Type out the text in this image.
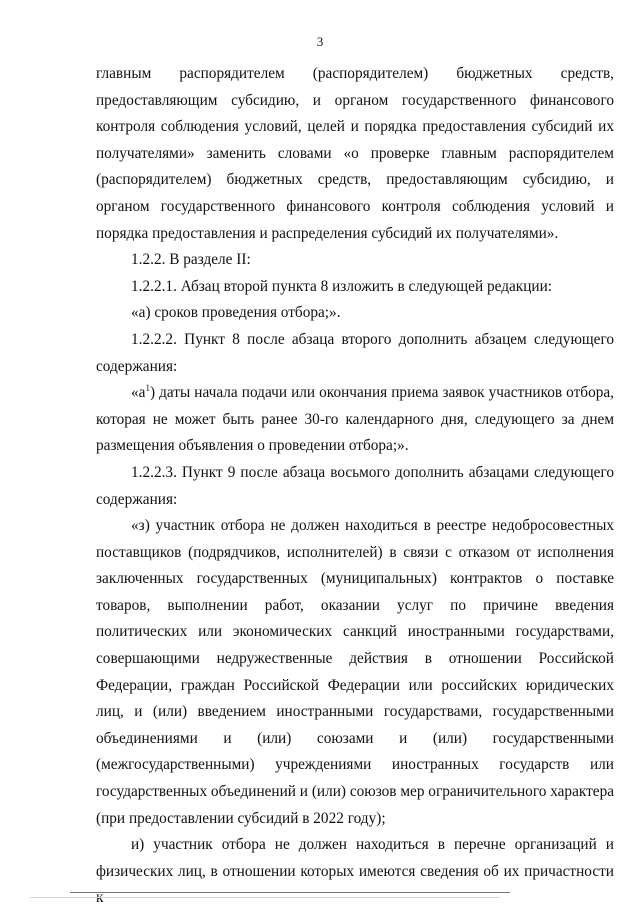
3

главным распорядителем (распорядителем) бюджетных средств, предоставляющим субсидию, и органом государственного финансового контроля соблюдения условий, целей и порядка предоставления субсидий их получателями» заменить словами «о проверке главным распорядителем (распорядителем) бюджетных средств, предоставляющим субсидию, и органом государственного финансового контроля соблюдения условий и порядка предоставления и распределения субсидий их получателями».

1.2.2. В разделе II:

1.2.2.1. Абзац второй пункта 8 изложить в следующей редакции:

«а) сроков проведения отбора;».

1.2.2.2. Пункт 8 после абзаца второго дополнить абзацем следующего содержания:

«$а^1$) даты начала подачи или окончания приема заявок участников отбора, которая не может быть ранее 30-го календарного дня, следующего за днем размещения объявления о проведении отбора;».

1.2.2.3. Пункт 9 после абзаца восьмого дополнить абзацами следующего содержания:

«з) участник отбора не должен находиться в реестре недобросовестных поставщиков (подрядчиков, исполнителей) в связи с отказом от исполнения заключенных государственных (муниципальных) контрактов о поставке товаров, выполнении работ, оказании услуг по причине введения политических или экономических санкций иностранными государствами, совершающими недружественные действия в отношении Российской Федерации, граждан Российской Федерации или российских юридических лиц, и (или) введением иностранными государствами, государственными объединениями и (или) союзами и (или) государственными (межгосударственными) учреждениями иностранных государств или государственных объединений и (или) союзов мер ограничительного характера (при предоставлении субсидий в 2022 году);

и) участник отбора не должен находиться в перечне организаций и физических лиц, в отношении которых имеются сведения об их причастности к
